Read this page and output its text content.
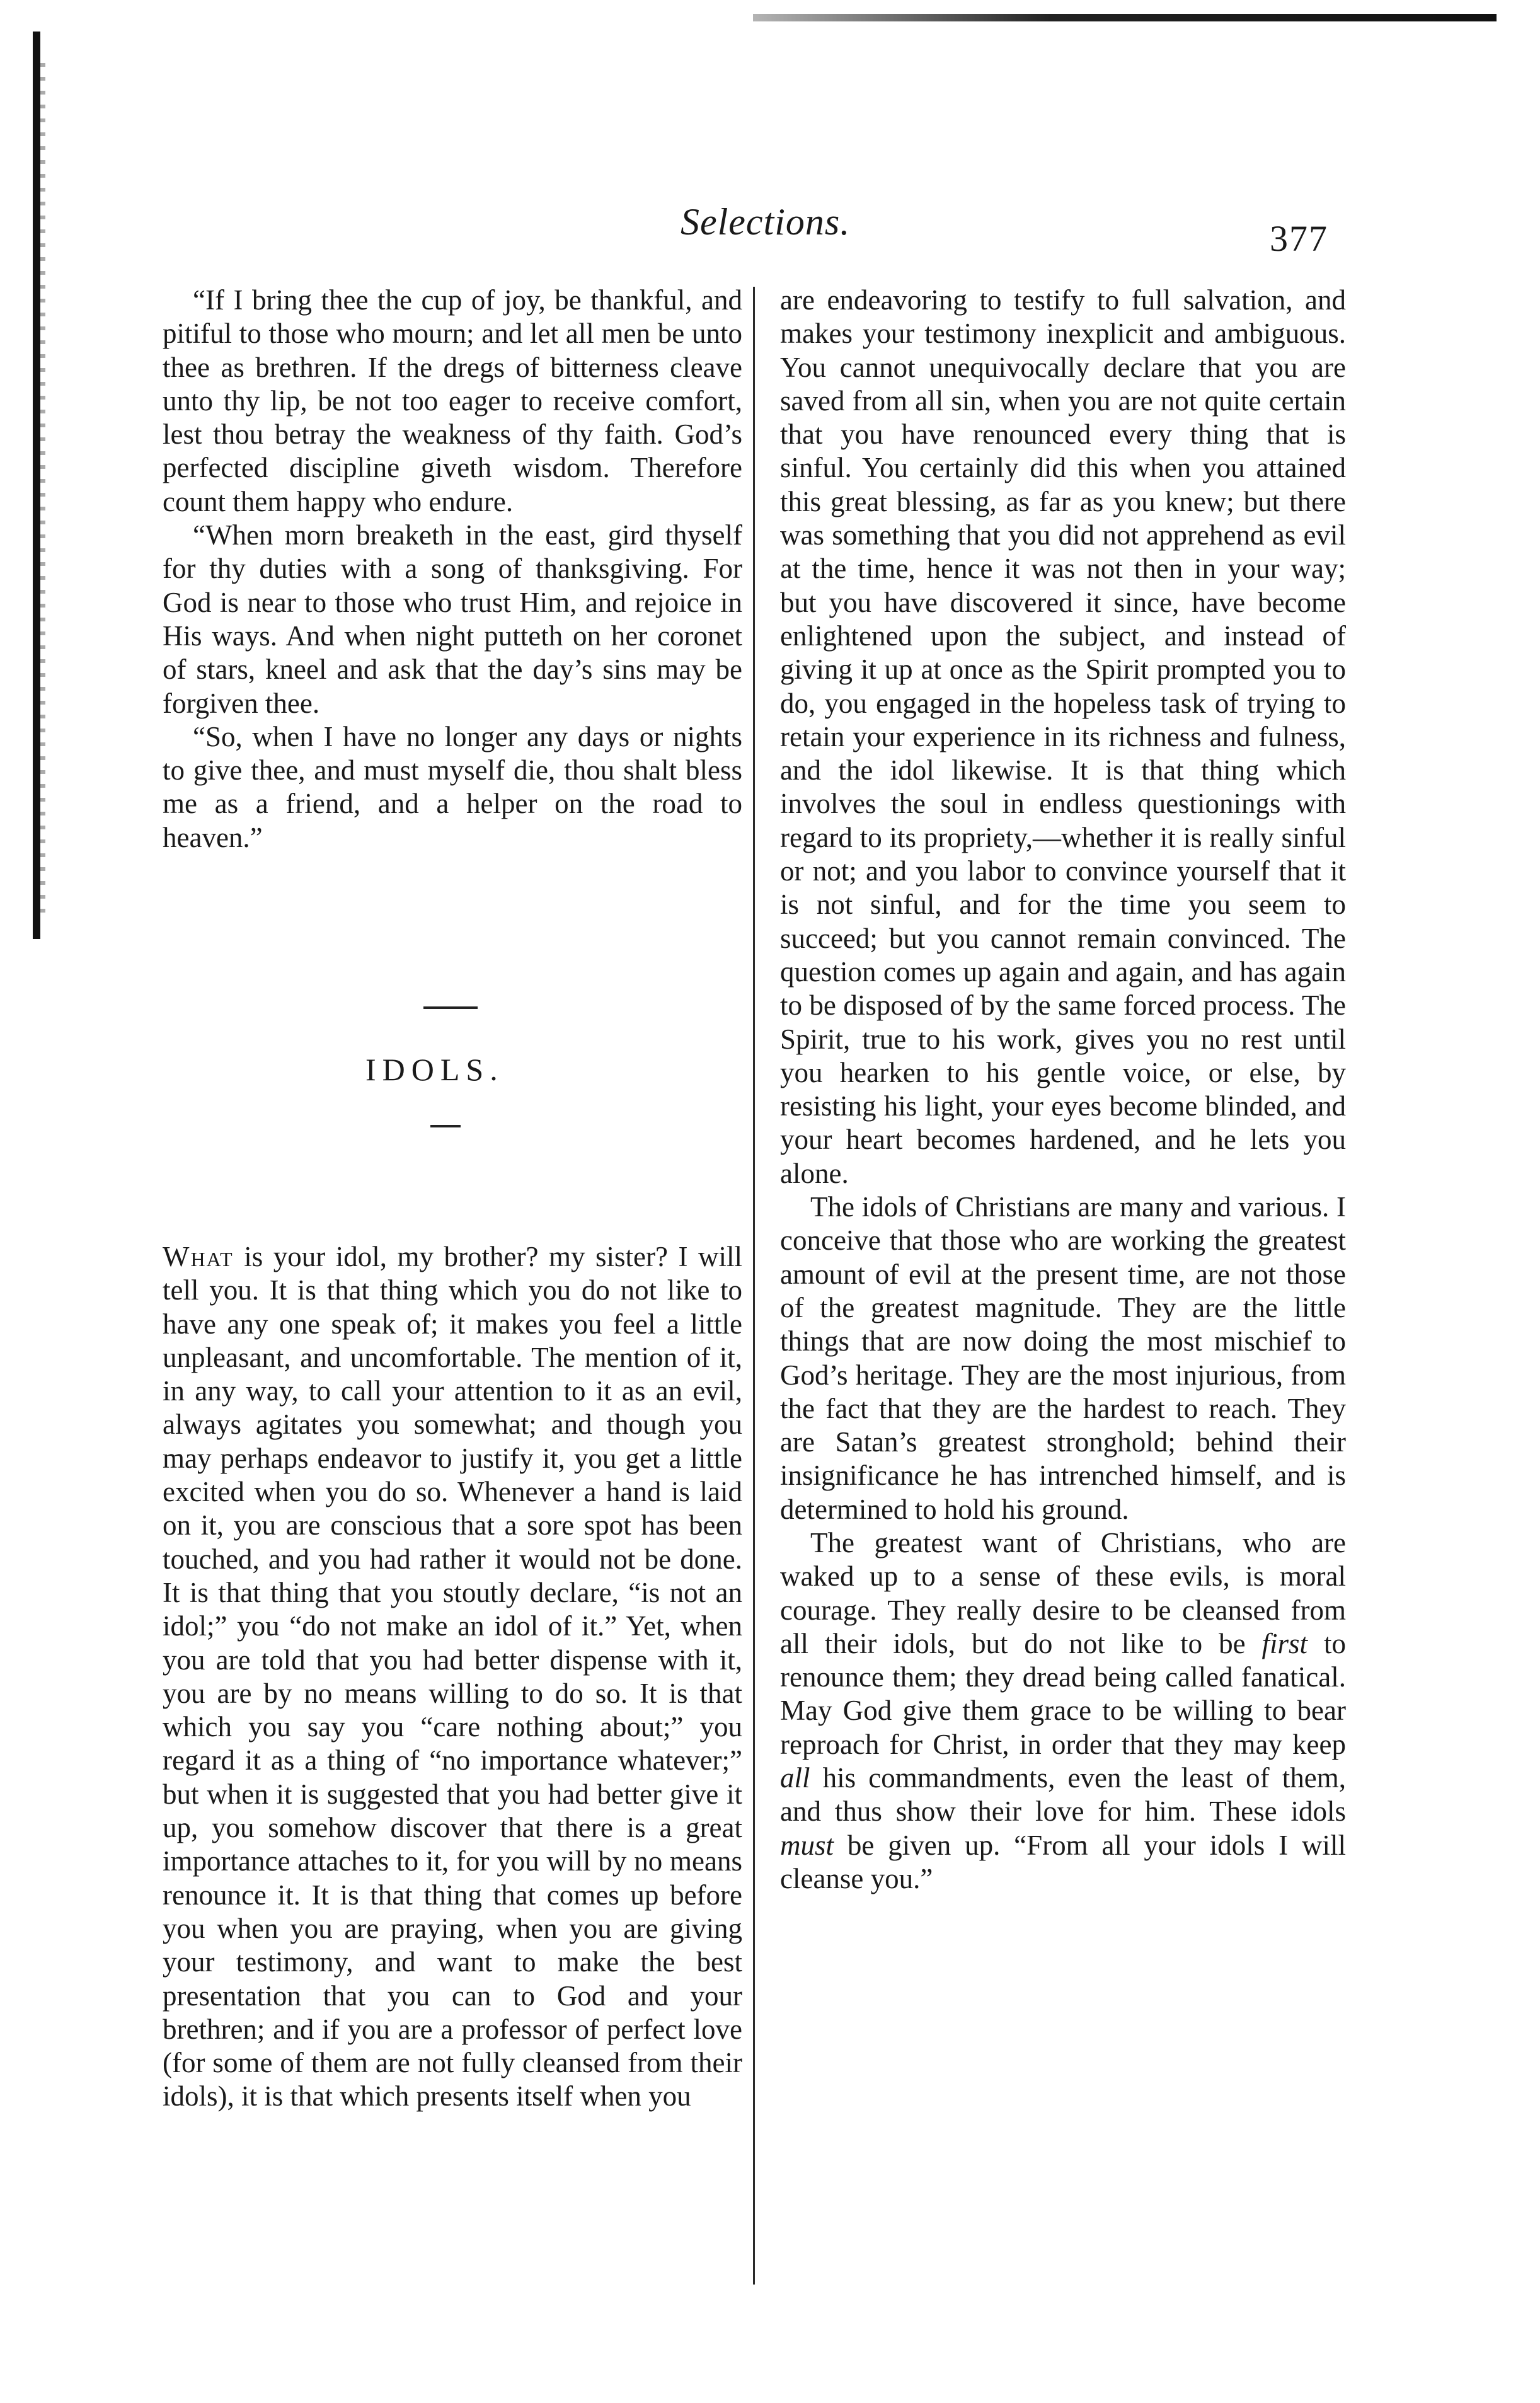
Selections.	377

“If I bring thee the cup of joy, be thankful, and pitiful to those who mourn; and let all men be unto thee as brethren. If the dregs of bitterness cleave unto thy lip, be not too eager to receive comfort, lest thou betray the weakness of thy faith. God’s perfected discipline giveth wisdom. Therefore count them happy who endure.

“When morn breaketh in the east, gird thyself for thy duties with a song of thanksgiving. For God is near to those who trust Him, and rejoice in His ways. And when night putteth on her coronet of stars, kneel and ask that the day’s sins may be forgiven thee.

“So, when I have no longer any days or nights to give thee, and must myself die, thou shalt bless me as a friend, and a helper on the road to heaven.”

IDOLS.

What is your idol, my brother? my sister? I will tell you. It is that thing which you do not like to have any one speak of; it makes you feel a little unpleasant, and uncomfortable. The mention of it, in any way, to call your attention to it as an evil, always agitates you somewhat; and though you may perhaps endeavor to justify it, you get a little excited when you do so. Whenever a hand is laid on it, you are conscious that a sore spot has been touched, and you had rather it would not be done. It is that thing that you stoutly declare, “is not an idol;” you “do not make an idol of it.” Yet, when you are told that you had better dispense with it, you are by no means willing to do so. It is that which you say you “care nothing about;” you regard it as a thing of “no importance whatever;” but when it is suggested that you had better give it up, you somehow discover that there is a great importance attaches to it, for you will by no means renounce it. It is that thing that comes up before you when you are praying, when you are giving your testimony, and want to make the best presentation that you can to God and your brethren; and if you are a professor of perfect love (for some of them are not fully cleansed from their idols), it is that which presents itself when you

are endeavoring to testify to full salvation, and makes your testimony inexplicit and ambiguous. You cannot unequivocally declare that you are saved from all sin, when you are not quite certain that you have renounced every thing that is sinful. You certainly did this when you attained this great blessing, as far as you knew; but there was something that you did not apprehend as evil at the time, hence it was not then in your way; but you have discovered it since, have become enlightened upon the subject, and instead of giving it up at once as the Spirit prompted you to do, you engaged in the hopeless task of trying to retain your experience in its richness and fulness, and the idol likewise. It is that thing which involves the soul in endless questionings with regard to its propriety,—whether it is really sinful or not; and you labor to convince yourself that it is not sinful, and for the time you seem to succeed; but you cannot remain convinced. The question comes up again and again, and has again to be disposed of by the same forced process. The Spirit, true to his work, gives you no rest until you hearken to his gentle voice, or else, by resisting his light, your eyes become blinded, and your heart becomes hardened, and he lets you alone.

The idols of Christians are many and various. I conceive that those who are working the greatest amount of evil at the present time, are not those of the greatest magnitude. They are the little things that are now doing the most mischief to God’s heritage. They are the most injurious, from the fact that they are the hardest to reach. They are Satan’s greatest stronghold; behind their insignificance he has intrenched himself, and is determined to hold his ground.

The greatest want of Christians, who are waked up to a sense of these evils, is moral courage. They really desire to be cleansed from all their idols, but do not like to be first to renounce them; they dread being called fanatical. May God give them grace to be willing to bear reproach for Christ, in order that they may keep all his commandments, even the least of them, and thus show their love for him. These idols must be given up. “From all your idols I will cleanse you.”
